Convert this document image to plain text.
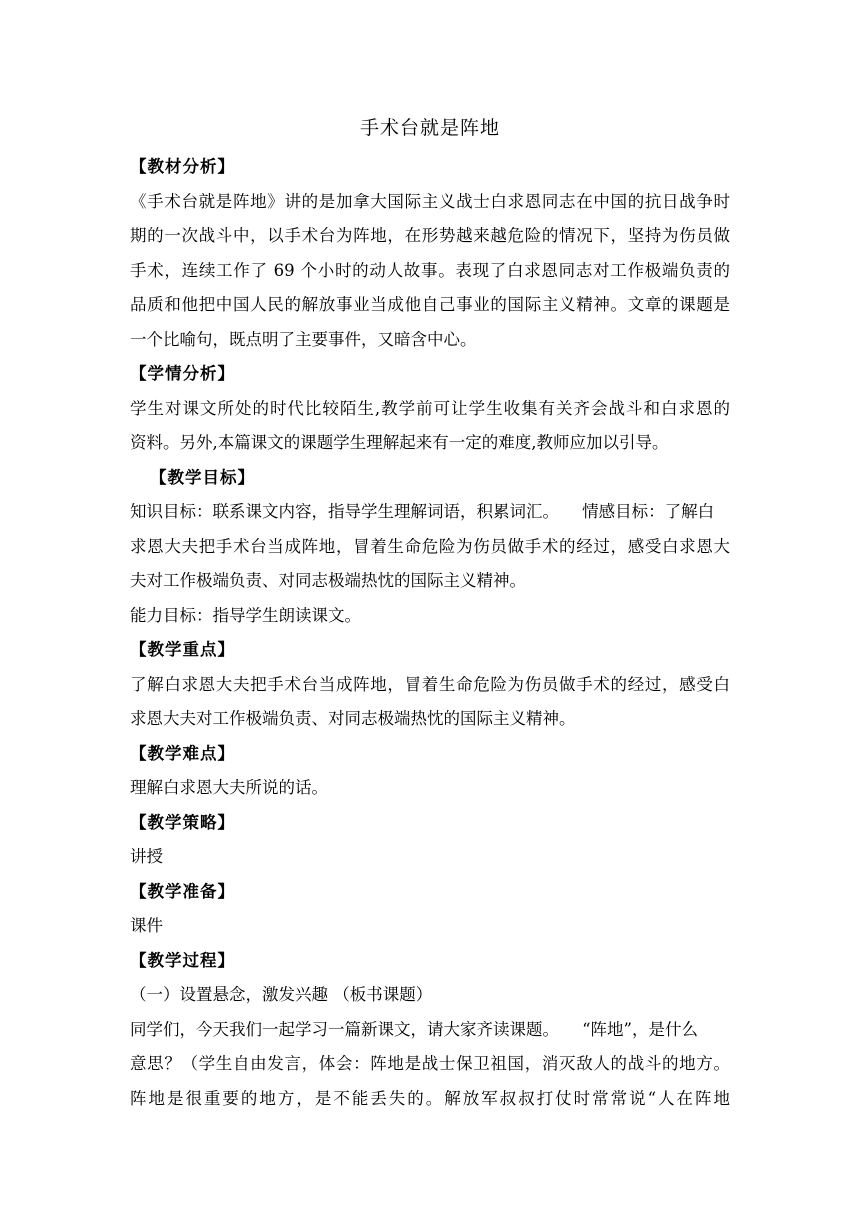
手术台就是阵地
【教材分析】
《手术台就是阵地》讲的是加拿大国际主义战士白求恩同志在中国的抗日战争时
期的一次战斗中，以手术台为阵地，在形势越来越危险的情况下，坚持为伤员做
手术，连续工作了 69 个小时的动人故事。表现了白求恩同志对工作极端负责的
品质和他把中国人民的解放事业当成他自己事业的国际主义精神。文章的课题是
一个比喻句，既点明了主要事件，又暗含中心。
【学情分析】
学生对课文所处的时代比较陌生,教学前可让学生收集有关齐会战斗和白求恩的
资料。另外,本篇课文的课题学生理解起来有一定的难度,教师应加以引导。
【教学目标】
知识目标：联系课文内容，指导学生理解词语，积累词汇。 情感目标：了解白
求恩大夫把手术台当成阵地，冒着生命危险为伤员做手术的经过，感受白求恩大
夫对工作极端负责、对同志极端热忱的国际主义精神。
能力目标：指导学生朗读课文。
【教学重点】
了解白求恩大夫把手术台当成阵地，冒着生命危险为伤员做手术的经过，感受白
求恩大夫对工作极端负责、对同志极端热忱的国际主义精神。
【教学难点】
理解白求恩大夫所说的话。
【教学策略】
讲授
【教学准备】
课件
【教学过程】
（一）设置悬念，激发兴趣 （板书课题）
同学们，今天我们一起学习一篇新课文，请大家齐读课题。 “阵地”，是什么
意思？（学生自由发言，体会：阵地是战士保卫祖国，消灭敌人的战斗的地方。
阵地是很重要的地方，是不能丢失的。解放军叔叔打仗时常常说“人在阵地
